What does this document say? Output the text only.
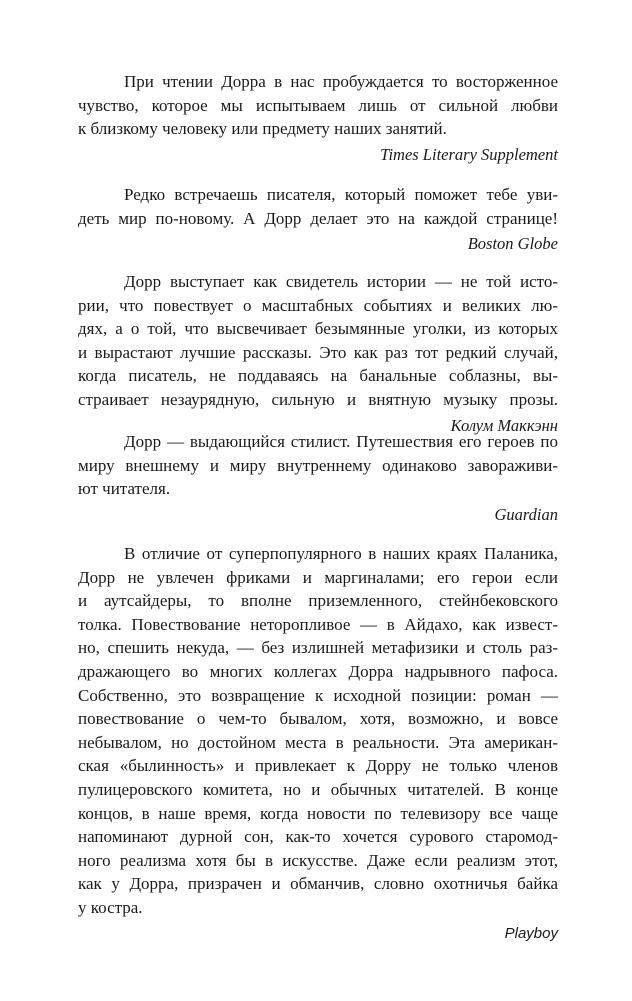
При чтении Дорра в нас пробуждается то восторженное
чувство, которое мы испытываем лишь от сильной любви
к близкому человеку или предмету наших занятий.
Times Literary Supplement
Редко встречаешь писателя, который поможет тебе уви-
деть мир по-новому. А Дорр делает это на каждой странице!
Boston Globe
Дорр выступает как свидетель истории — не той исто-
рии, что повествует о масштабных событиях и великих лю-
дях, а о той, что высвечивает безымянные уголки, из которых
и вырастают лучшие рассказы. Это как раз тот редкий случай,
когда писатель, не поддаваясь на банальные соблазны, вы-
страивает незаурядную, сильную и внятную музыку прозы.
Колум Маккэнн
Дорр — выдающийся стилист. Путешествия его героев по
миру внешнему и миру внутреннему одинаково завораживи-
ют читателя.
Guardian
В отличие от суперпопулярного в наших краях Паланика,
Дорр не увлечен фриками и маргиналами; его герои если
и аутсайдеры, то вполне приземленного, стейнбековского
толка. Повествование неторопливое — в Айдахо, как извест-
но, спешить некуда, — без излишней метафизики и столь раз-
дражающего во многих коллегах Дорра надрывного пафоса.
Собственно, это возвращение к исходной позиции: роман —
повествование о чем-то бывалом, хотя, возможно, и вовсе
небывалом, но достойном места в реальности. Эта американ-
ская «былинность» и привлекает к Дорру не только членов
пулицеровского комитета, но и обычных читателей. В конце
концов, в наше время, когда новости по телевизору все чаще
напоминают дурной сон, как-то хочется сурового старомод-
ного реализма хотя бы в искусстве. Даже если реализм этот,
как у Дорра, призрачен и обманчив, словно охотничья байка
у костра.
Playboy
